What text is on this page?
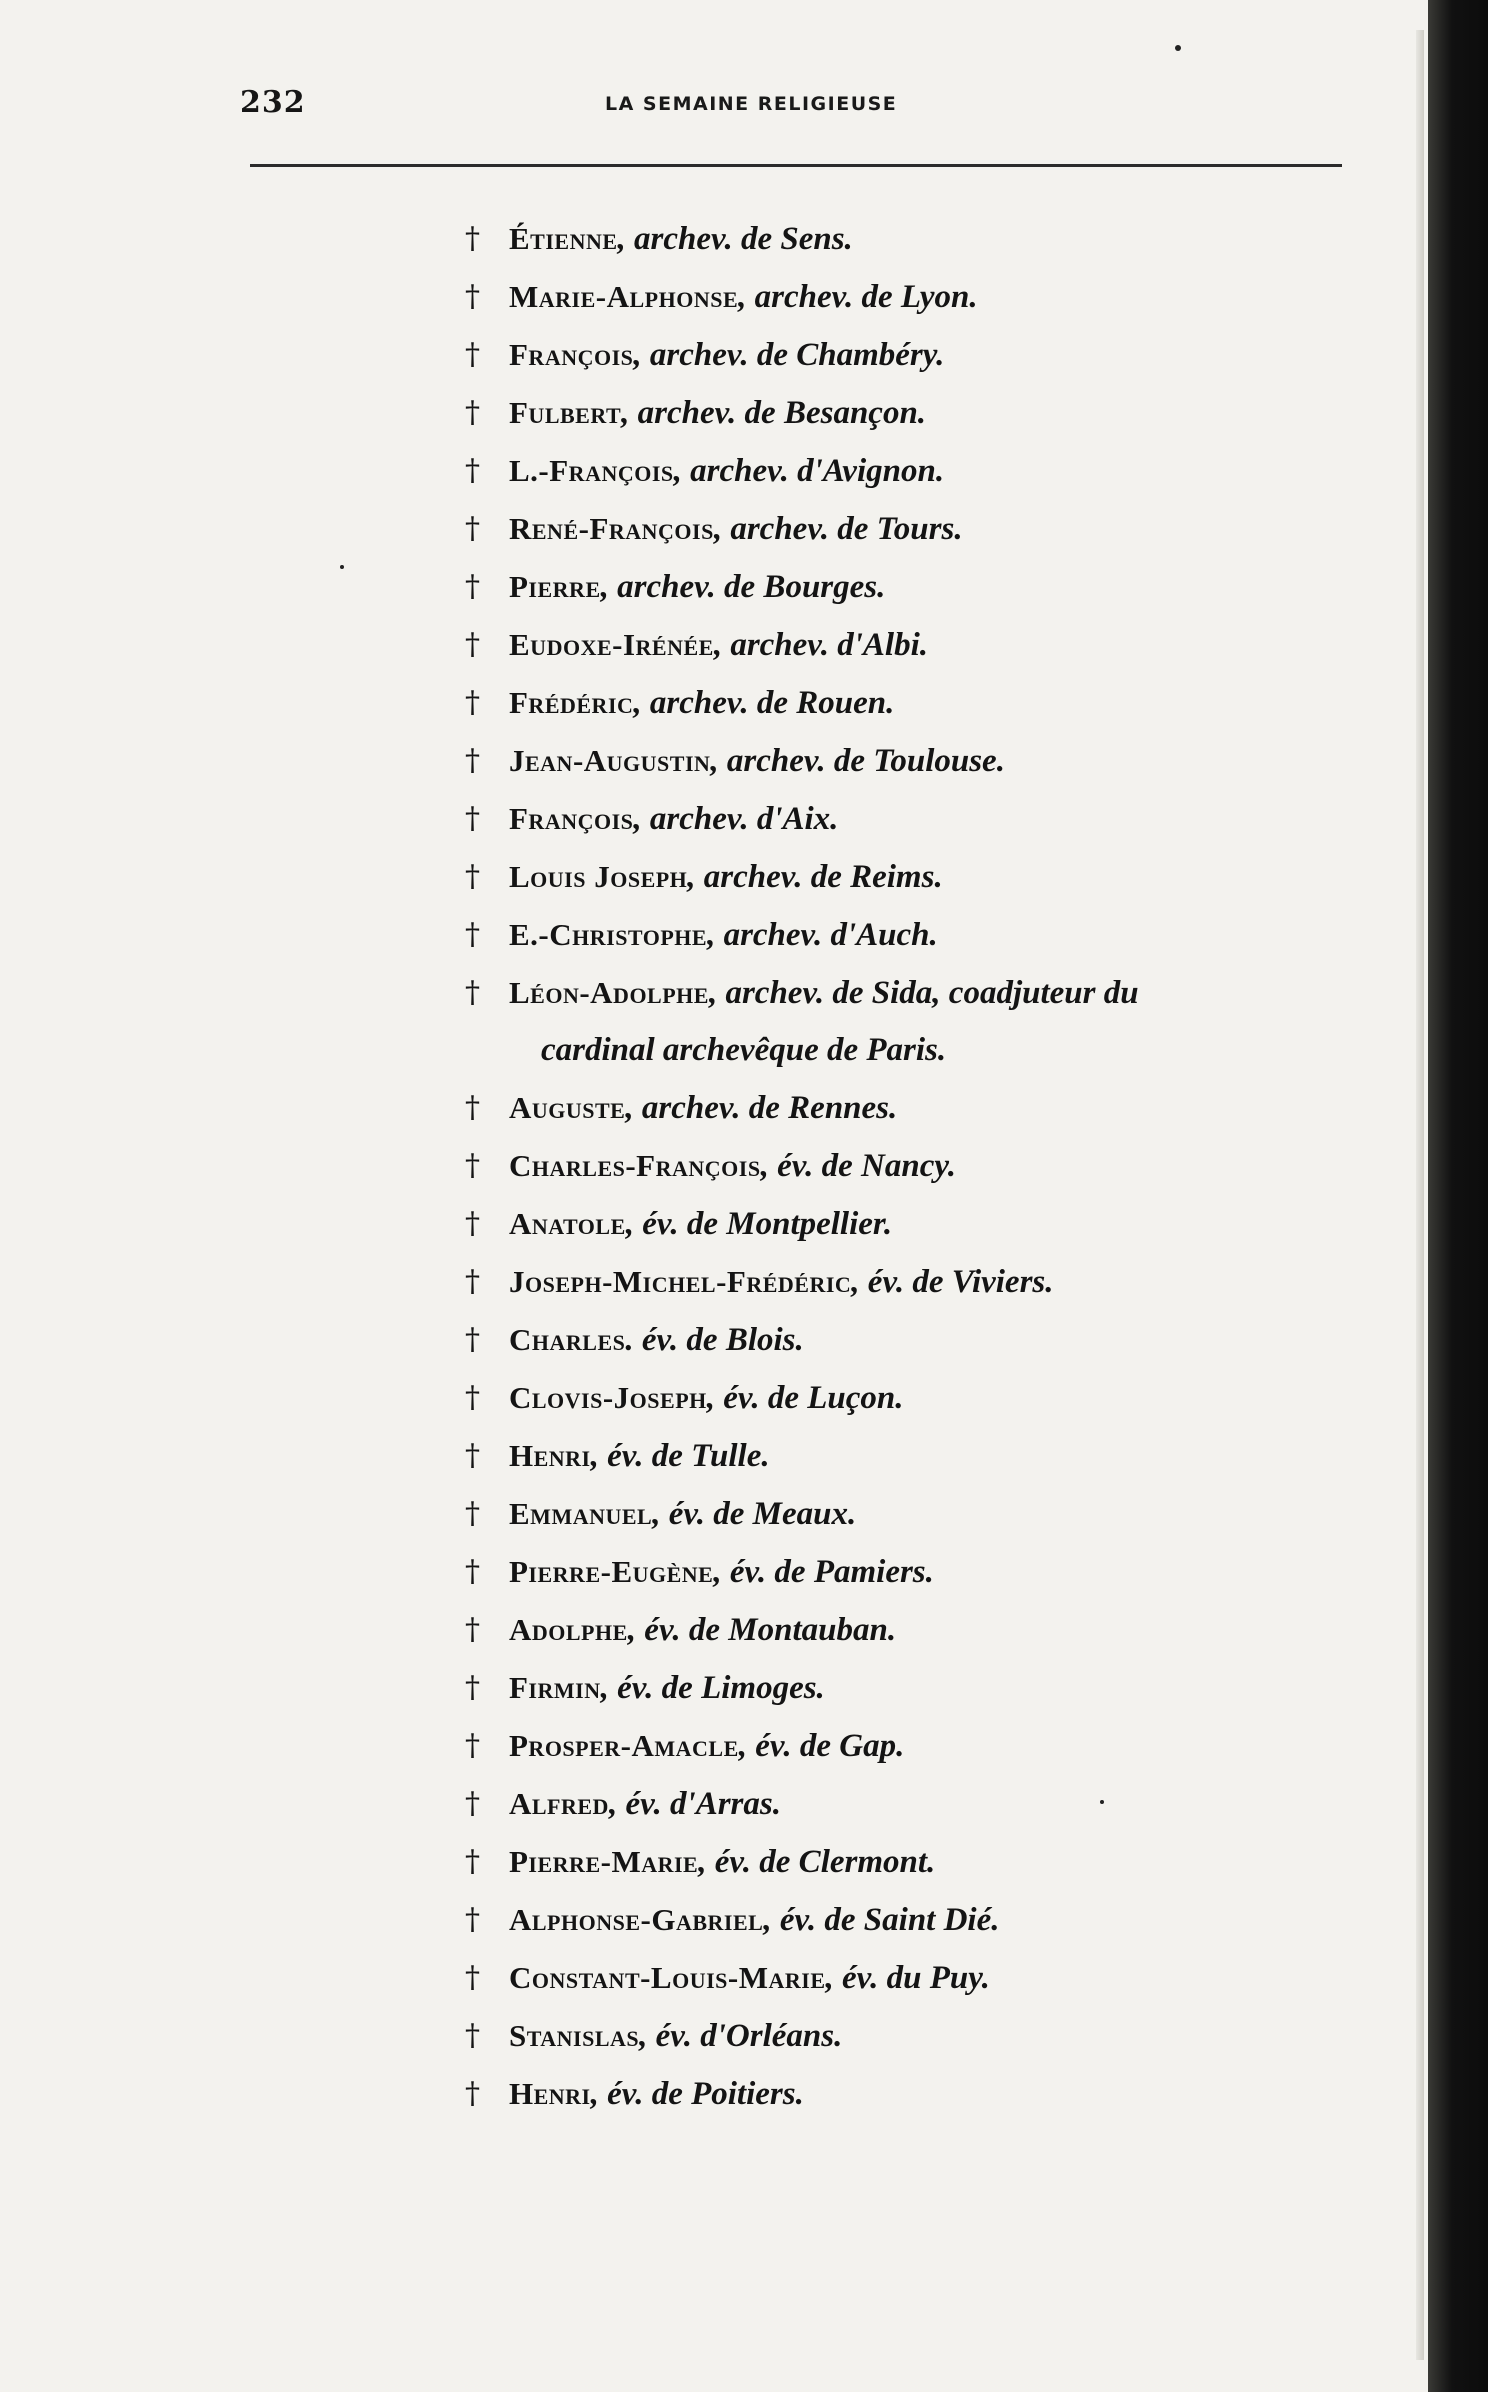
232	LA SEMAINE RELIGIEUSE
† Étienne, archev. de Sens.
† Marie-Alphonse, archev. de Lyon.
† François, archev. de Chambéry.
† Fulbert, archev. de Besançon.
† L.-François, archev. d'Avignon.
† René-François, archev. de Tours.
† Pierre, archev. de Bourges.
† Eudoxe-Irénée, archev. d'Albi.
† Frédéric, archev. de Rouen.
† Jean-Augustin, archev. de Toulouse.
† François, archev. d'Aix.
† Louis Joseph, archev. de Reims.
† E.-Christophe, archev. d'Auch.
† Léon-Adolphe, archev. de Sida, coadjuteur du
cardinal archevêque de Paris.
† Auguste, archev. de Rennes.
† Charles-François, év. de Nancy.
† Anatole, év. de Montpellier.
† Joseph-Michel-Frédéric, év. de Viviers.
† Charles. év. de Blois.
† Clovis-Joseph, év. de Luçon.
† Henri, év. de Tulle.
† Emmanuel, év. de Meaux.
† Pierre-Eugène, év. de Pamiers.
† Adolphe, év. de Montauban.
† Firmin, év. de Limoges.
† Prosper-Amacle, év. de Gap.
† Alfred, év. d'Arras.
† Pierre-Marie, év. de Clermont.
† Alphonse-Gabriel, év. de Saint Dié.
† Constant-Louis-Marie, év. du Puy.
† Stanislas, év. d'Orléans.
† Henri, év. de Poitiers.
